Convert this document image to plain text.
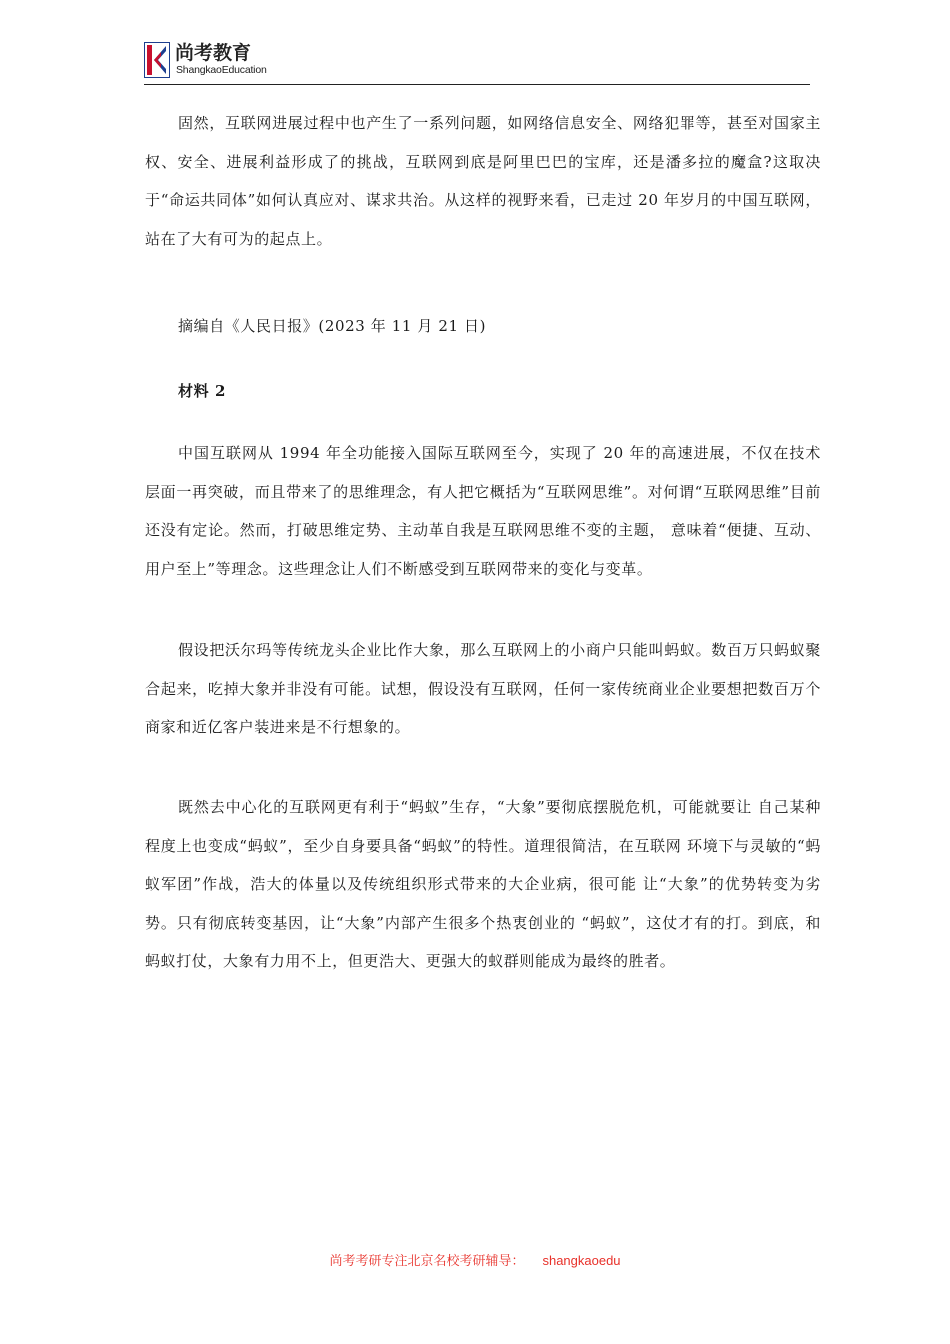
尚考教育
ShangkaoEducation

固然，互联网进展过程中也产生了一系列问题，如网络信息安全、网络犯罪等，甚至对国家主权、安全、进展利益形成了的挑战，互联网到底是阿里巴巴的宝库，还是潘多拉的魔盒?这取决于“命运共同体”如何认真应对、谋求共治。从这样的视野来看，已走过 20 年岁月的中国互联网，站在了大有可为的起点上。

摘编自《人民日报》(2023 年 11 月 21 日)

材料 2

中国互联网从 1994 年全功能接入国际互联网至今，实现了 20 年的高速进展，不仅在技术层面一再突破，而且带来了的思维理念，有人把它概括为“互联网思维”。对何谓“互联网思维”目前还没有定论。然而，打破思维定势、主动革自我是互联网思维不变的主题， 意味着“便捷、互动、用户至上”等理念。这些理念让人们不断感受到互联网带来的变化与变革。

假设把沃尔玛等传统龙头企业比作大象，那么互联网上的小商户只能叫蚂蚁。数百万只蚂蚁聚合起来，吃掉大象并非没有可能。试想，假设没有互联网，任何一家传统商业企业要想把数百万个商家和近亿客户装进来是不行想象的。

既然去中心化的互联网更有利于“蚂蚁”生存，“大象”要彻底摆脱危机，可能就要让 自己某种程度上也变成“蚂蚁”，至少自身要具备“蚂蚁”的特性。道理很简洁，在互联网 环境下与灵敏的“蚂蚁军团”作战，浩大的体量以及传统组织形式带来的大企业病，很可能 让“大象”的优势转变为劣势。只有彻底转变基因，让“大象”内部产生很多个热衷创业的 “蚂蚁”，这仗才有的打。到底，和蚂蚁打仗，大象有力用不上，但更浩大、更强大的蚁群则能成为最终的胜者。

尚考考研专注北京名校考研辅导： shangkaoedu
